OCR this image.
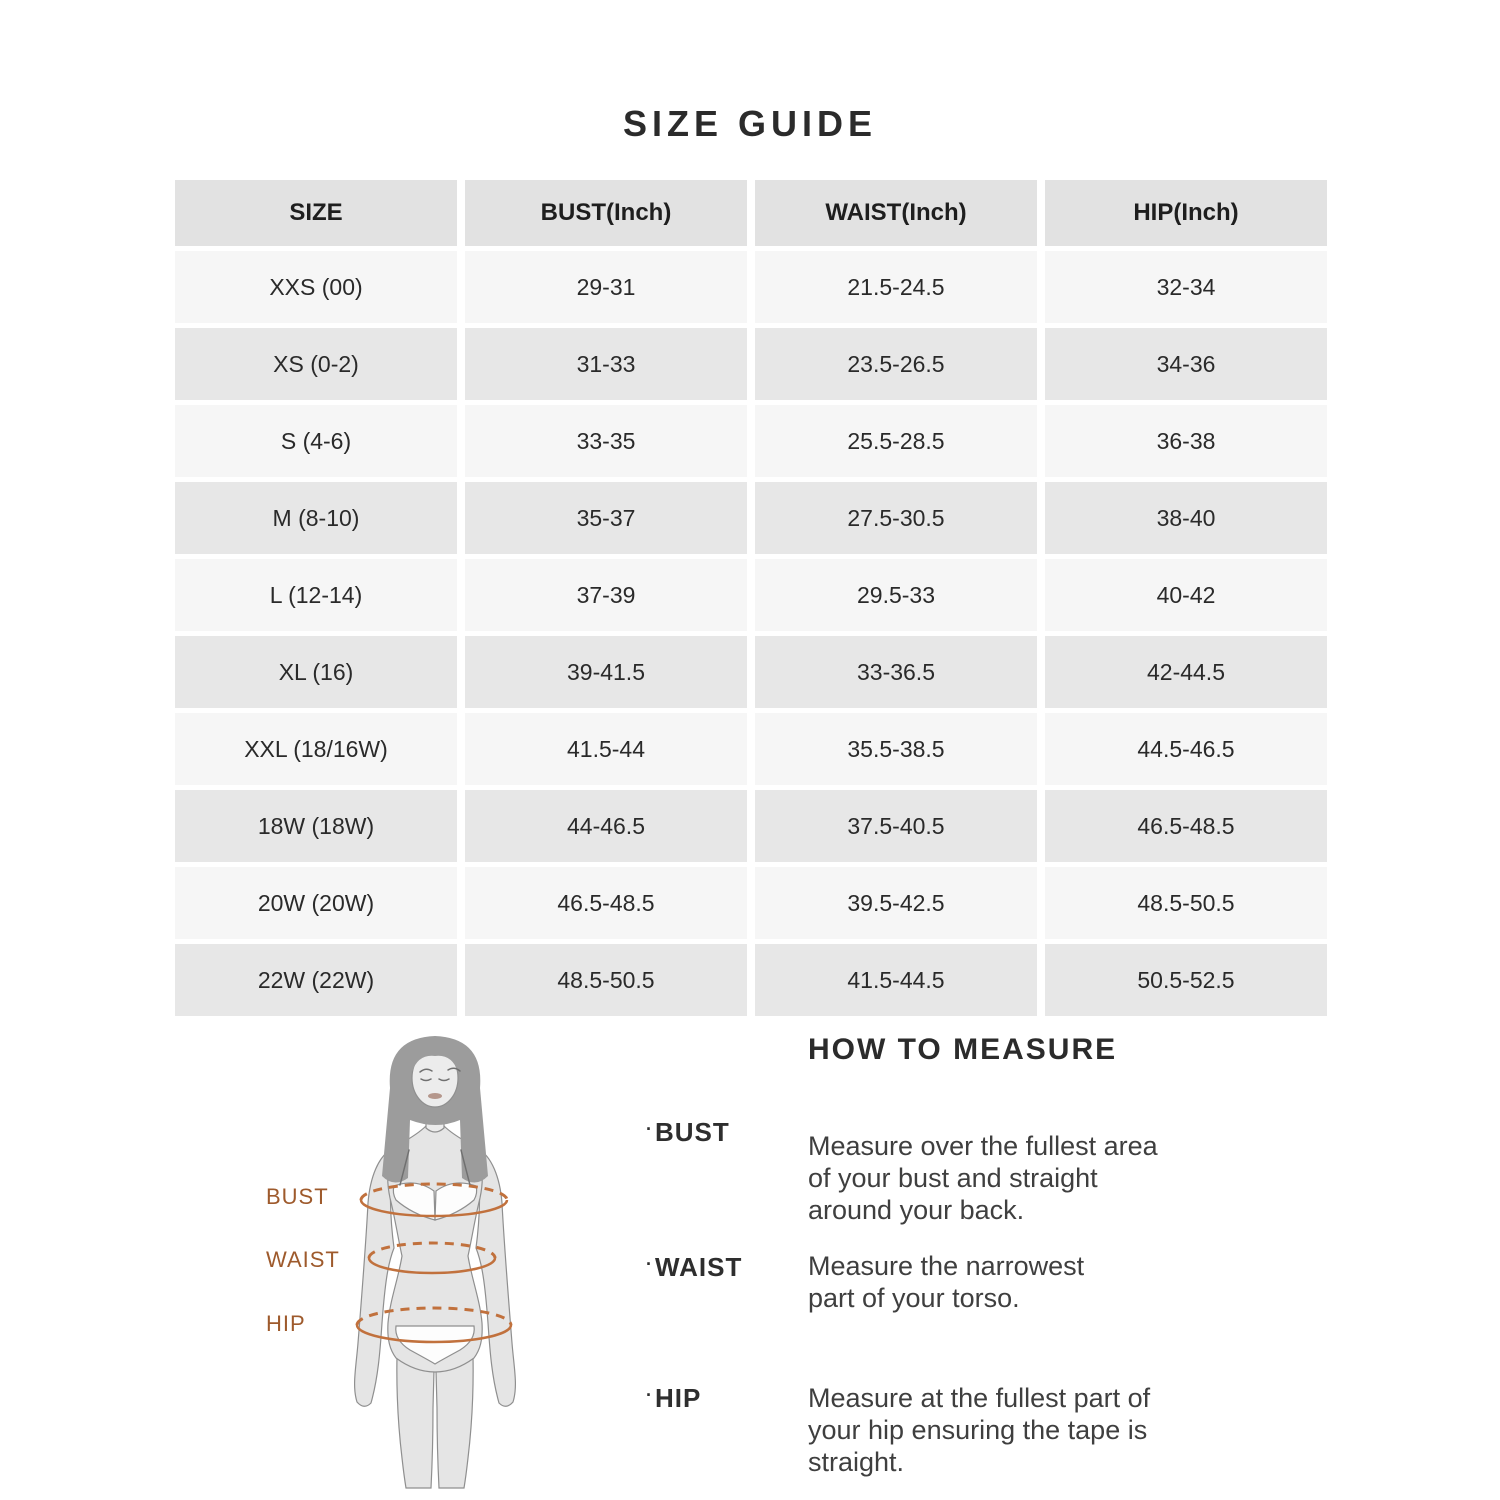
SIZE GUIDE
SIZE	BUST(Inch)	WAIST(Inch)	HIP(Inch)
XXS (00)	29-31	21.5-24.5	32-34
XS (0-2)	31-33	23.5-26.5	34-36
S (4-6)	33-35	25.5-28.5	36-38
M (8-10)	35-37	27.5-30.5	38-40
L (12-14)	37-39	29.5-33	40-42
XL (16)	39-41.5	33-36.5	42-44.5
XXL (18/16W)	41.5-44	35.5-38.5	44.5-46.5
18W (18W)	44-46.5	37.5-40.5	46.5-48.5
20W (20W)	46.5-48.5	39.5-42.5	48.5-50.5
22W (22W)	48.5-50.5	41.5-44.5	50.5-52.5
BUST
WAIST
HIP
HOW TO MEASURE
· BUST	Measure over the fullest area
of your bust and straight
around your back.
· WAIST Measure the narrowest
part of your torso.
· HIP	Measure at the fullest part of
your hip ensuring the tape is
straight.
